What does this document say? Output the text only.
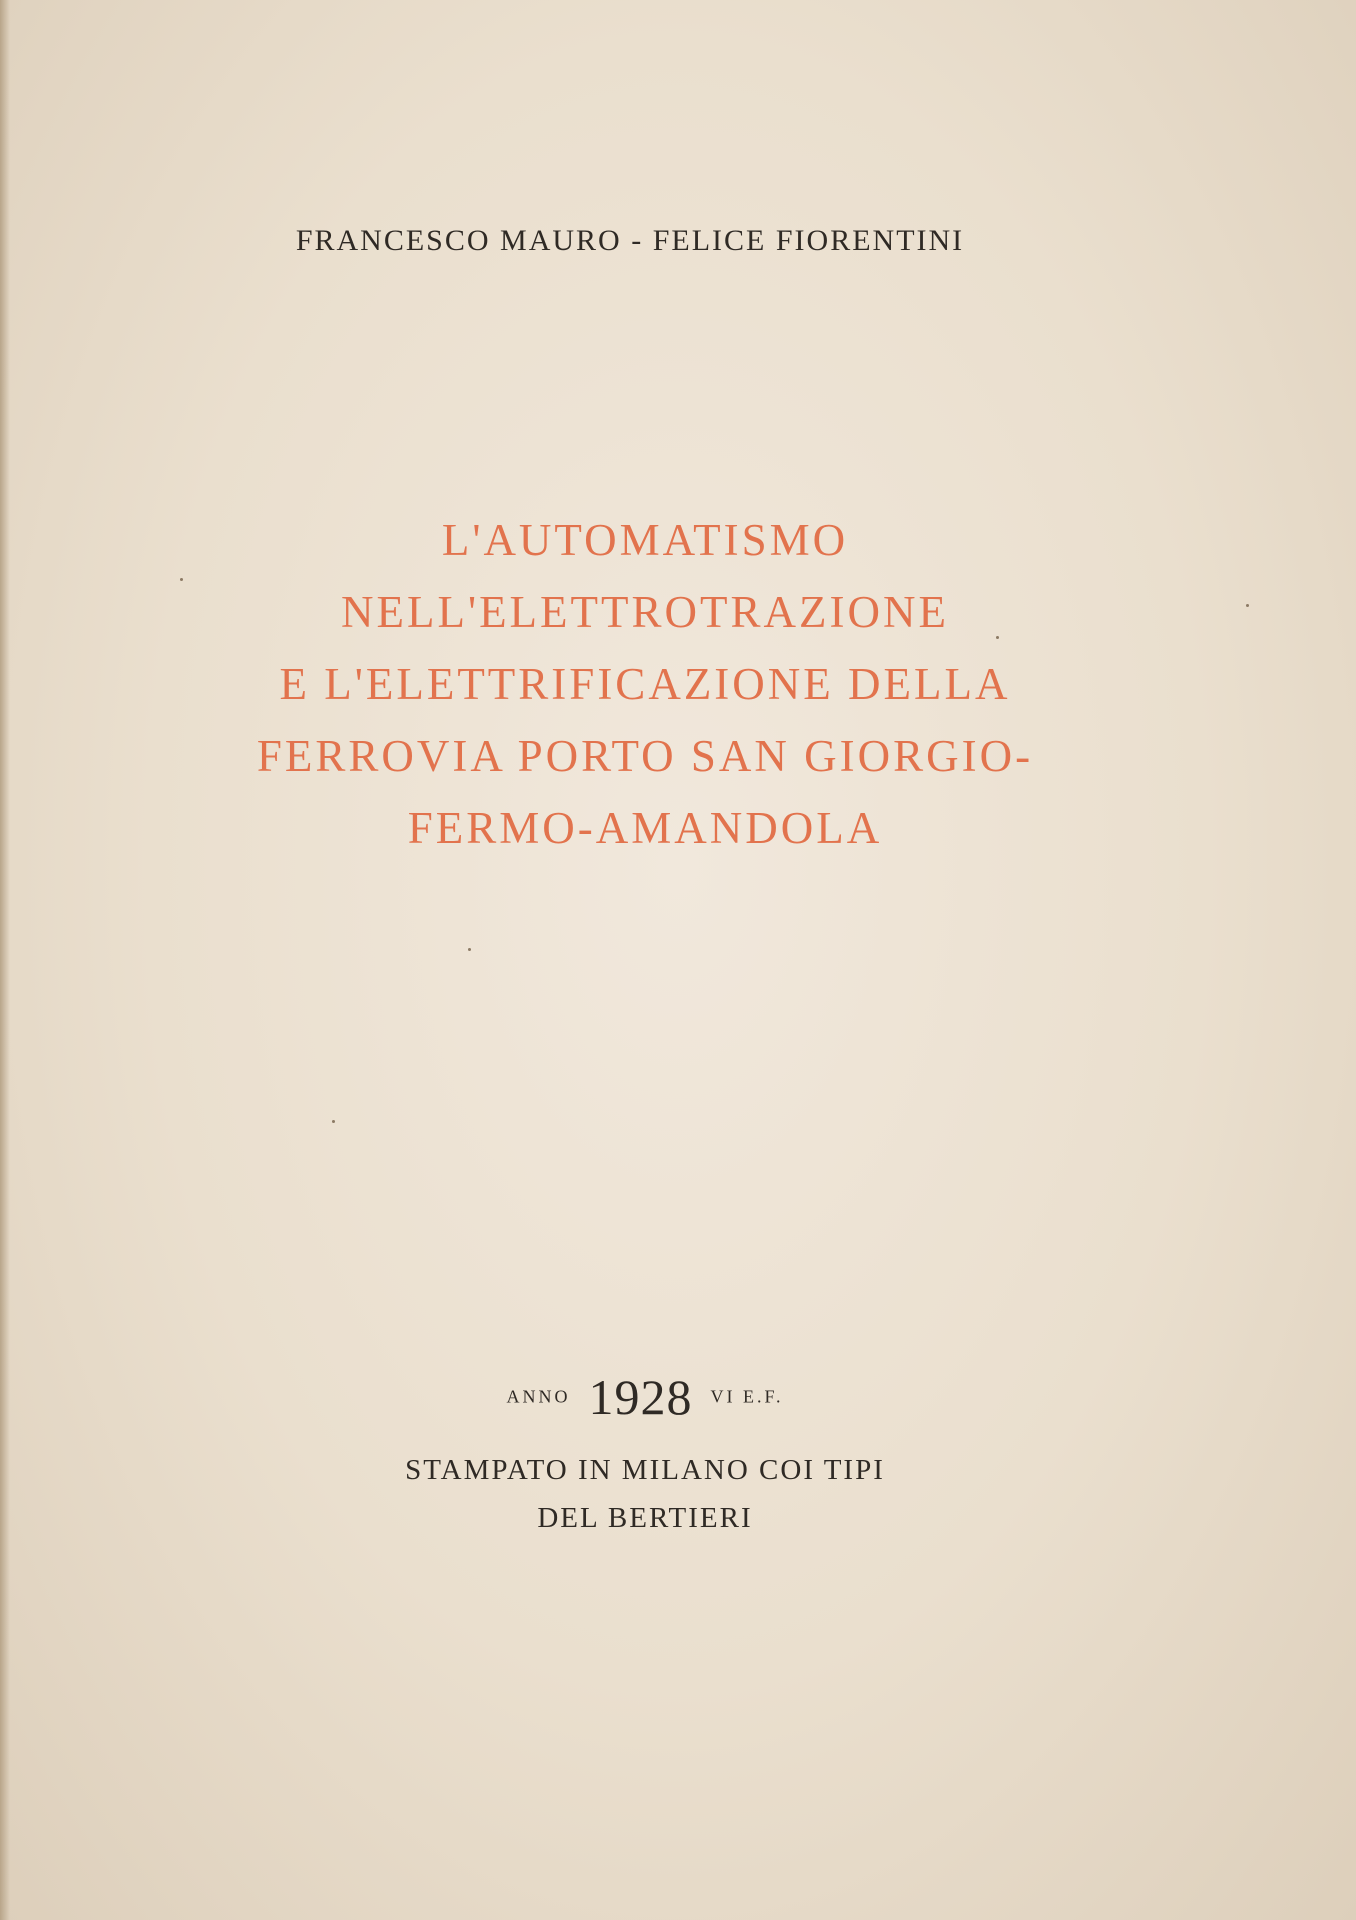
FRANCESCO MAURO - FELICE FIORENTINI
L'AUTOMATISMO
NELL'ELETTROTRAZIONE
E L'ELETTRIFICAZIONE DELLA
FERROVIA PORTO SAN GIORGIO-
FERMO-AMANDOLA
ANNO 1928 VI E.F.
STAMPATO IN MILANO COI TIPI
DEL BERTIERI
